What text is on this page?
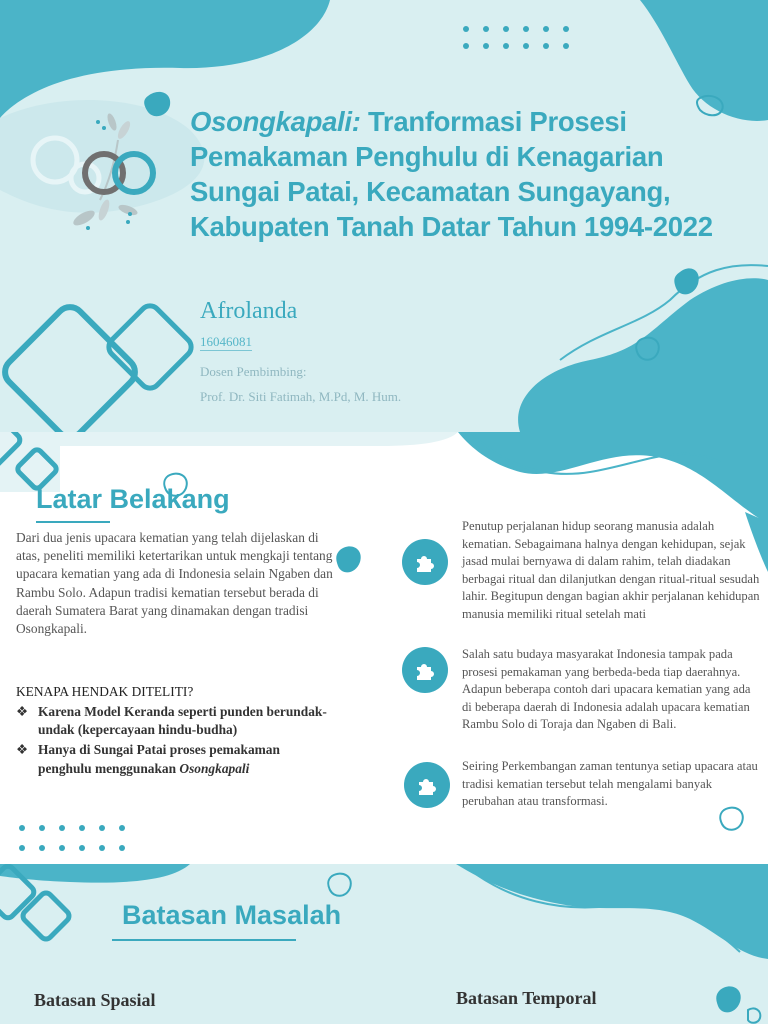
Osongkapali: Tranformasi Prosesi Pemakaman Penghulu di Kenagarian Sungai Patai, Kecamatan Sungayang, Kabupaten Tanah Datar Tahun 1994-2022
Afrolanda
16046081
Dosen Pembimbing:
Prof. Dr. Siti Fatimah, M.Pd, M. Hum.
Latar Belakang
Dari dua jenis upacara kematian yang telah dijelaskan di atas, peneliti memiliki ketertarikan untuk mengkaji tentang upacara kematian yang ada di Indonesia selain Ngaben dan Rambu Solo. Adapun tradisi kematian tersebut berada di daerah Sumatera Barat yang dinamakan dengan tradisi Osongkapali.
KENAPA HENDAK DITELITI?
❖ Karena Model Keranda seperti punden berundak-undak (kepercayaan hindu-budha)
❖ Hanya di Sungai Patai proses pemakaman penghulu menggunakan Osongkapali
Penutup perjalanan hidup seorang manusia adalah kematian. Sebagaimana halnya dengan kehidupan, sejak jasad mulai bernyawa di dalam rahim, telah diadakan berbagai ritual dan dilanjutkan dengan ritual-ritual sesudah lahir. Begitupun dengan bagian akhir perjalanan kehidupan manusia memiliki ritual setelah mati
Salah satu budaya masyarakat Indonesia tampak pada prosesi pemakaman yang berbeda-beda tiap daerahnya. Adapun beberapa contoh dari upacara kematian yang ada di beberapa daerah di Indonesia adalah upacara kematian Rambu Solo di Toraja dan Ngaben di Bali.
Seiring Perkembangan zaman tentunya setiap upacara atau tradisi kematian tersebut telah mengalami banyak perubahan atau transformasi.
Batasan Masalah
Batasan Spasial	Batasan Temporal
